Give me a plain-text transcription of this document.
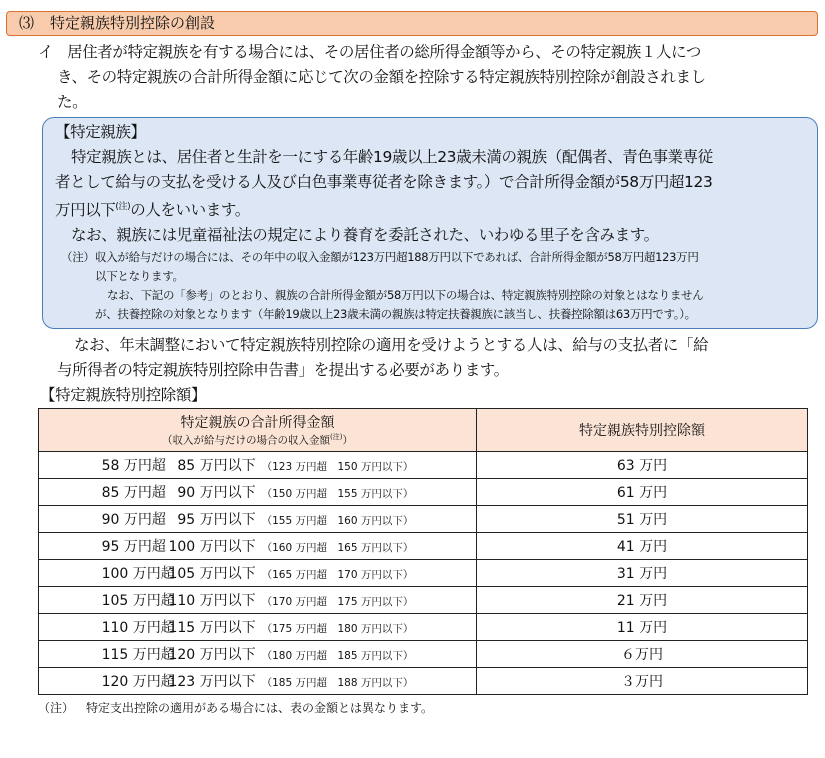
⑶ 特定親族特別控除の創設
イ 居住者が特定親族を有する場合には、その居住者の総所得金額等から、その特定親族１人につ
き、その特定親族の合計所得金額に応じて次の金額を控除する特定親族特別控除が創設されまし
た。
【特定親族】
特定親族とは、居住者と生計を一にする年齢19歳以上23歳未満の親族（配偶者、青色事業専従
者として給与の支払を受ける人及び白色事業専従者を除きます。）で合計所得金額が58万円超123
万円以下$^{(注)}$の人をいいます。
なお、親族には児童福祉法の規定により養育を委託された、いわゆる里子を含みます。
（注） 収入が給与だけの場合には、その年中の収入金額が123万円超188万円以下であれば、合計所得金額が58万円超123万円
以下となります。
なお、下記の「参考」のとおり、親族の合計所得金額が58万円以下の場合は、特定親族特別控除の対象とはなりません
が、扶養控除の対象となります（年齢19歳以上23歳未満の親族は特定扶養親族に該当し、扶養控除額は63万円です。）。
なお、年末調整において特定親族特別控除の適用を受けようとする人は、給与の支払者に「給
与所得者の特定親族特別控除申告書」を提出する必要があります。
【特定親族特別控除額】
特定親族の合計所得金額
（収入が給与だけの場合の収入金額$^{(注)}$）	特定親族特別控除額
58 万円超 85 万円以下 （123 万円超　150 万円以下）	63 万円
85 万円超 90 万円以下 （150 万円超　155 万円以下）	61 万円
90 万円超 95 万円以下 （155 万円超　160 万円以下）	51 万円
95 万円超 100 万円以下 （160 万円超　165 万円以下）	41 万円
100 万円超105 万円以下 （165 万円超　170 万円以下）	31 万円
105 万円超110 万円以下 （170 万円超　175 万円以下）	21 万円
110 万円超115 万円以下 （175 万円超　180 万円以下）	11 万円
115 万円超120 万円以下 （180 万円超　185 万円以下）	６万円
120 万円超123 万円以下 （185 万円超　188 万円以下）	３万円
（注） 特定支出控除の適用がある場合には、表の金額とは異なります。
